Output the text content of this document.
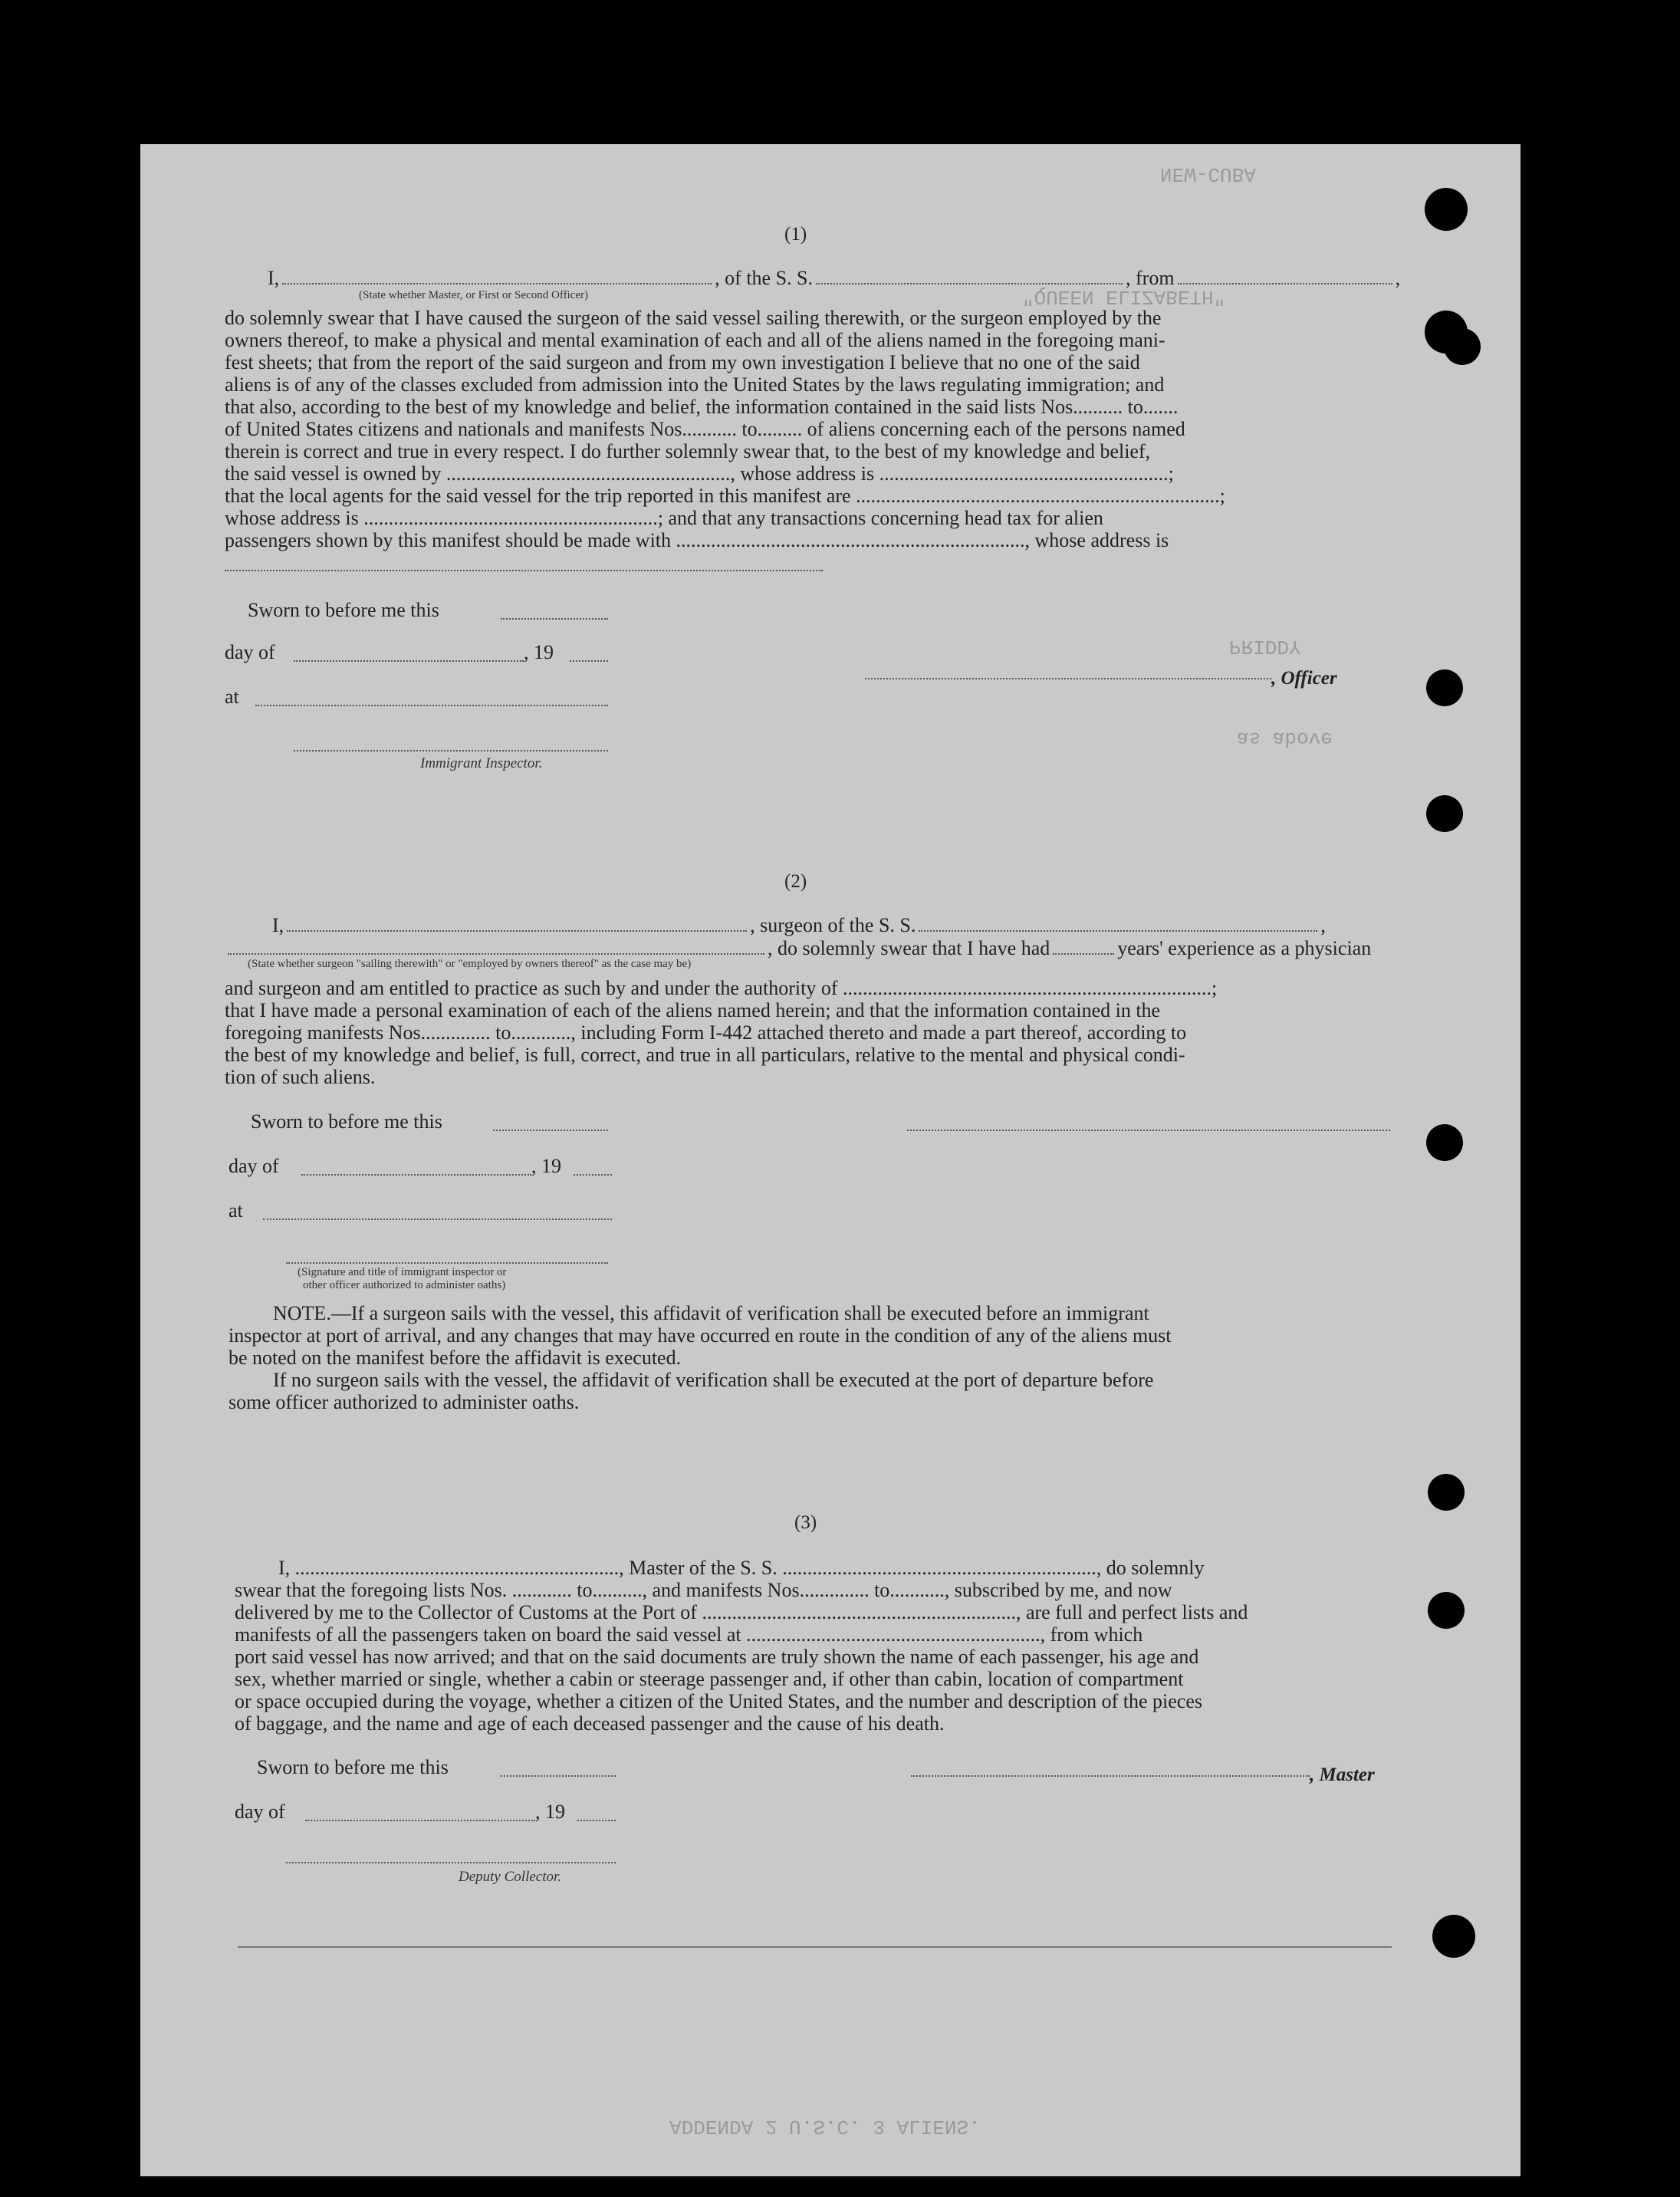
NEW-CUBA
"QUEEN ELIZABETH"
PRIDDY
as above
ADDENDA 2 U.S.C. 3 ALIENS.
(1)
I,	, of the S. S.	, from	,
(State whether Master, or First or Second Officer)
do solemnly swear that I have caused the surgeon of the said vessel sailing therewith, or the surgeon employed by the
owners thereof, to make a physical and mental examination of each and all of the aliens named in the foregoing mani-
fest sheets; that from the report of the said surgeon and from my own investigation I believe that no one of the said
aliens is of any of the classes excluded from admission into the United States by the laws regulating immigration; and
that also, according to the best of my knowledge and belief, the information contained in the said lists Nos.......... to.......
of United States citizens and nationals and manifests Nos........... to......... of aliens concerning each of the persons named
therein is correct and true in every respect. I do further solemnly swear that, to the best of my knowledge and belief,
the said vessel is owned by ........................................................., whose address is ..........................................................;
that the local agents for the said vessel for the trip reported in this manifest are .........................................................................;
whose address is ...........................................................; and that any transactions concerning head tax for alien
passengers shown by this manifest should be made with ......................................................................, whose address is
Sworn to before me this
day of	, 19
at
Immigrant Inspector.
, Officer
(2)
I,	, surgeon of the S. S.	,
, do solemnly swear that I have had	years' experience as a physician
(State whether surgeon "sailing therewith" or "employed by owners thereof" as the case may be)
and surgeon and am entitled to practice as such by and under the authority of ..........................................................................;
that I have made a personal examination of each of the aliens named herein; and that the information contained in the
foregoing manifests Nos.............. to............, including Form I-442 attached thereto and made a part thereof, according to
the best of my knowledge and belief, is full, correct, and true in all particulars, relative to the mental and physical condi-
tion of such aliens.
Sworn to before me this
day of	, 19
at
(Signature and title of immigrant inspector or
other officer authorized to administer oaths)
NOTE.—If a surgeon sails with the vessel, this affidavit of verification shall be executed before an immigrant
inspector at port of arrival, and any changes that may have occurred en route in the condition of any of the aliens must
be noted on the manifest before the affidavit is executed.
If no surgeon sails with the vessel, the affidavit of verification shall be executed at the port of departure before
some officer authorized to administer oaths.
(3)
I, ................................................................., Master of the S. S. ..............................................................., do solemnly
swear that the foregoing lists Nos. ............ to.........., and manifests Nos.............. to..........., subscribed by me, and now
delivered by me to the Collector of Customs at the Port of ..............................................................., are full and perfect lists and
manifests of all the passengers taken on board the said vessel at ..........................................................., from which
port said vessel has now arrived; and that on the said documents are truly shown the name of each passenger, his age and
sex, whether married or single, whether a cabin or steerage passenger and, if other than cabin, location of compartment
or space occupied during the voyage, whether a citizen of the United States, and the number and description of the pieces
of baggage, and the name and age of each deceased passenger and the cause of his death.
Sworn to before me this	, Master
day of	, 19
Deputy Collector.
